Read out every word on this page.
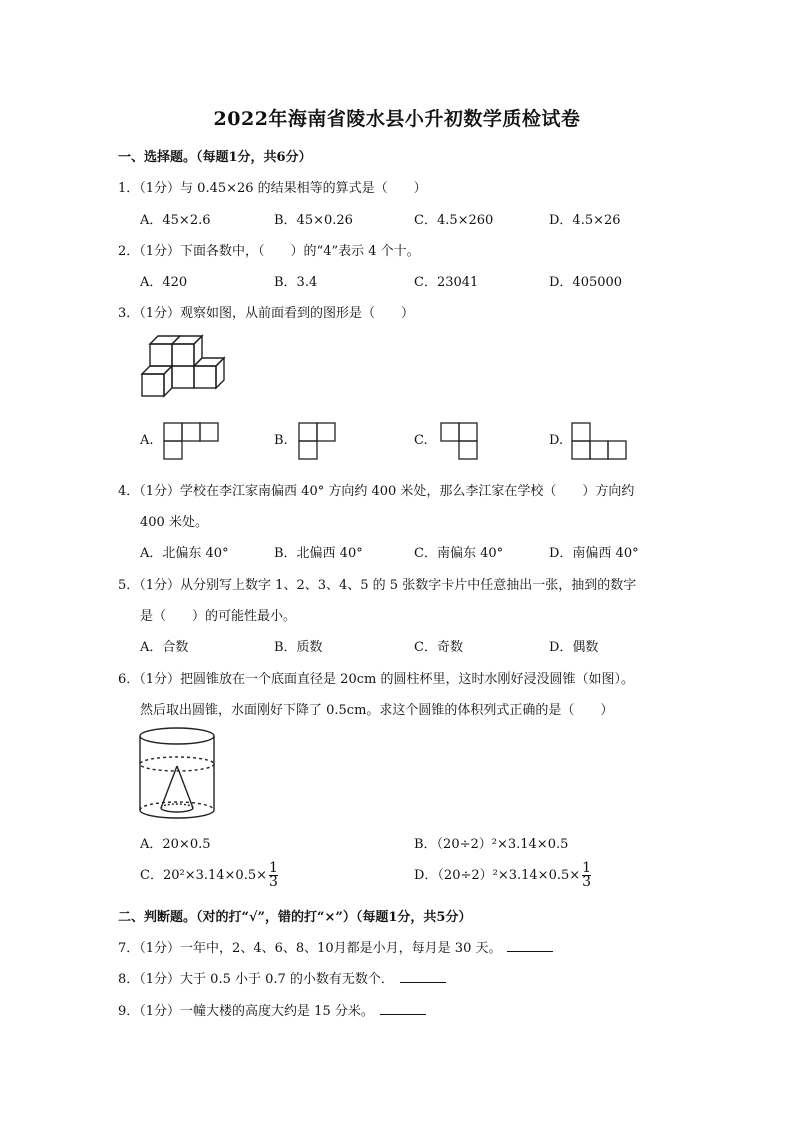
2022年海南省陵水县小升初数学质检试卷
一、选择题。（每题1分，共6分）
1．（1分）与 0.45×26 的结果相等的算式是（　　）
A．45×2.6	B．45×0.26	C．4.5×260	D．4.5×26
2．（1分）下面各数中，（　　）的“4”表示 4 个十。
A．420	B．3.4	C．23041	D．405000
3．（1分）观察如图，从前面看到的图形是（　　）
A.	B.	C.	D.
4．（1分）学校在李江家南偏西 40° 方向约 400 米处，那么李江家在学校（　　）方向约
400 米处。
A．北偏东 40°	B．北偏西 40°	C．南偏东 40°	D．南偏西 40°
5．（1分）从分别写上数字 1、2、3、4、5 的 5 张数字卡片中任意抽出一张，抽到的数字
是（　　）的可能性最小。
A．合数	B．质数	C．奇数	D．偶数
6．（1分）把圆锥放在一个底面直径是 20cm 的圆柱杯里，这时水刚好浸没圆锥（如图）。
然后取出圆锥，水面刚好下降了 0.5cm。求这个圆锥的体积列式正确的是（　　）
A．20×0.5	B．（20÷2）²×3.14×0.5
C．$20^2\times 3.14\times 0.5\times \frac{1}{3}$	D．$(20\div 2)^2\times 3.14\times 0.5\times \frac{1}{3}$
二、判断题。（对的打“√”，错的打“×”）（每题1分，共5分）
7．（1分）一年中，2、4、6、8、10月都是小月，每月是 30 天。
8．（1分）大于 0.5 小于 0.7 的小数有无数个．
9．（1分）一幢大楼的高度大约是 15 分米。
